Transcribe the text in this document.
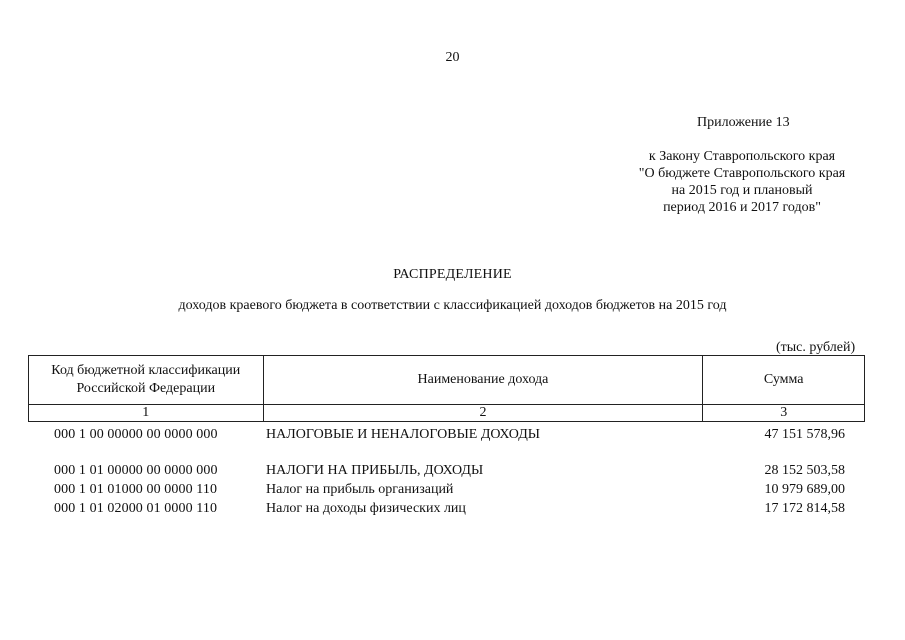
20
Приложение 13
к Закону Ставропольского края
"О бюджете Ставропольского края
на 2015 год и плановый
период 2016 и 2017 годов"
РАСПРЕДЕЛЕНИЕ
доходов краевого бюджета в соответствии с классификацией доходов бюджетов на 2015 год
(тыс. рублей)
Код бюджетной классификации Российской Федерации	Наименование дохода	Сумма
1	2	3
000 1 00 00000 00 0000 000	НАЛОГОВЫЕ И НЕНАЛОГОВЫЕ ДОХОДЫ	47 151 578,96
000 1 01 00000 00 0000 000	НАЛОГИ НА ПРИБЫЛЬ, ДОХОДЫ	28 152 503,58
000 1 01 01000 00 0000 110	Налог на прибыль организаций	10 979 689,00
000 1 01 02000 01 0000 110	Налог на доходы физических лиц	17 172 814,58
